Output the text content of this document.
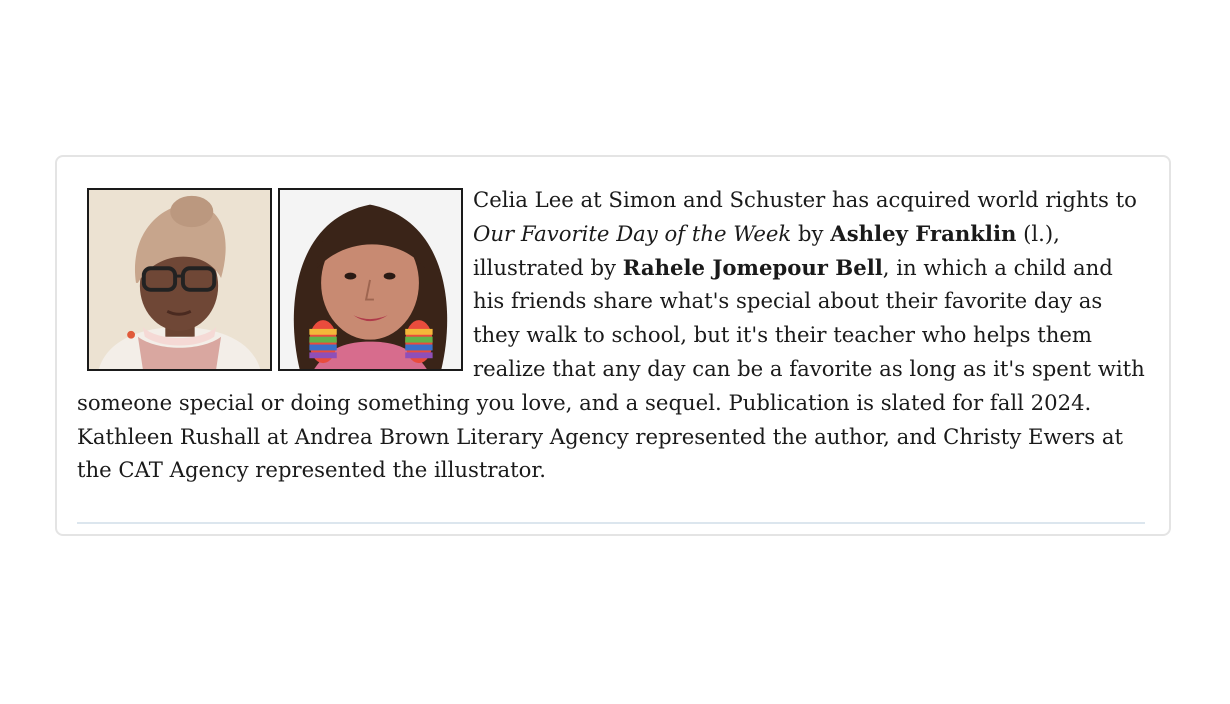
Celia Lee at Simon and Schuster has acquired world rights to Our Favorite Day of the Week by Ashley Franklin (l.), illustrated by Rahele Jomepour Bell, in which a child and his friends share what's special about their favorite day as they walk to school, but it's their teacher who helps them realize that any day can be a favorite as long as it's spent with someone special or doing something you love, and a sequel. Publication is slated for fall 2024. Kathleen Rushall at Andrea Brown Literary Agency represented the author, and Christy Ewers at the CAT Agency represented the illustrator.
